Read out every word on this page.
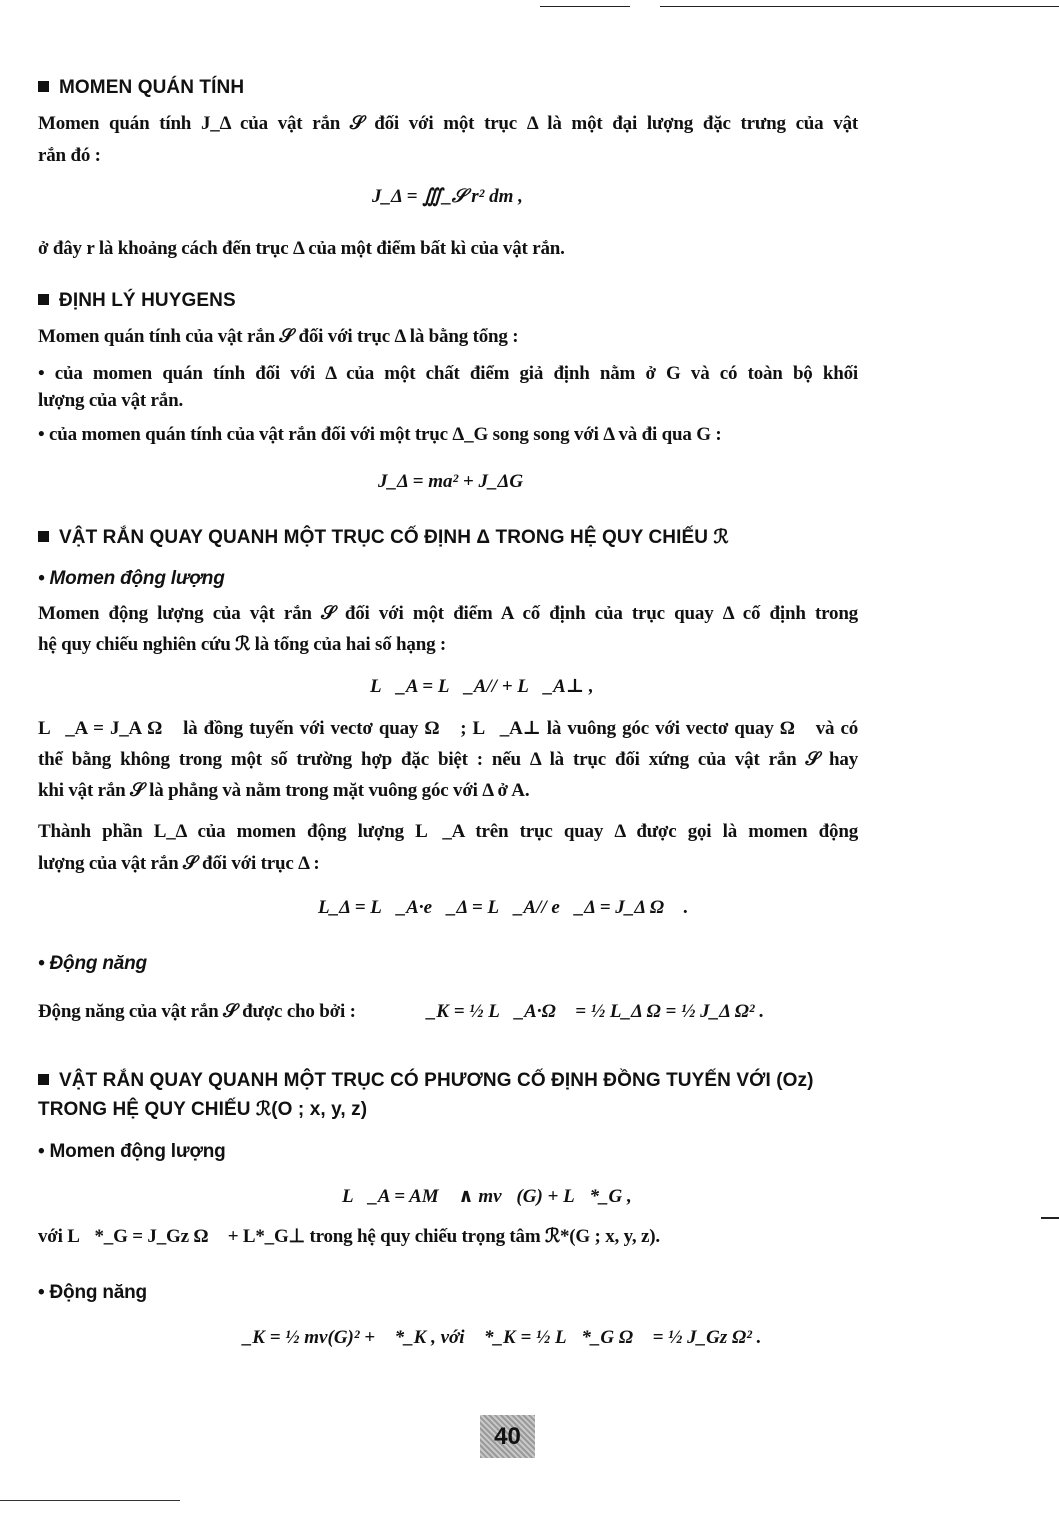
MOMEN QUÁN TÍNH
Momen quán tính J_Δ của vật rắn 𝒮 đối với một trục Δ là một đại lượng đặc trưng của vật
rắn đó :
J_Δ = ∭_𝒮 r² dm ,
ở đây r là khoảng cách đến trục Δ của một điểm bất kì của vật rắn.
ĐỊNH LÝ HUYGENS
Momen quán tính của vật rắn 𝒮 đối với trục Δ là bằng tổng :
• của momen quán tính đối với Δ của một chất điểm giả định nằm ở G và có toàn bộ khối
lượng của vật rắn.
• của momen quán tính của vật rắn đối với một trục Δ_G song song với Δ và đi qua G :
J_Δ = ma² + J_ΔG
VẬT RẮN QUAY QUANH MỘT TRỤC CỐ ĐỊNH Δ TRONG HỆ QUY CHIẾU ℛ
• Momen động lượng
Momen động lượng của vật rắn 𝒮 đối với một điểm A cố định của trục quay Δ cố định trong
hệ quy chiếu nghiên cứu ℛ là tổng của hai số hạng :
L⃗_A = L⃗_A// + L⃗_A⊥ ,
L⃗_A = J_A Ω⃗ là đồng tuyến với vectơ quay Ω⃗ ; L⃗_A⊥ là vuông góc với vectơ quay Ω⃗ và có
thể bằng không trong một số trường hợp đặc biệt : nếu Δ là trục đối xứng của vật rắn 𝒮 hay
khi vật rắn 𝒮 là phẳng và nằm trong mặt vuông góc với Δ ở A.
Thành phần L_Δ của momen động lượng L⃗_A trên trục quay Δ được gọi là momen động
lượng của vật rắn 𝒮 đối với trục Δ :
L_Δ = L⃗_A·e⃗_Δ = L⃗_A// e⃗_Δ = J_Δ Ω⃗ .
• Động năng
Động năng của vật rắn 𝒮 được cho bởi :	ℰ_K = ½ L⃗_A·Ω⃗ = ½ L_Δ Ω = ½ J_Δ Ω² .
VẬT RẮN QUAY QUANH MỘT TRỤC CÓ PHƯƠNG CỐ ĐỊNH ĐỒNG TUYẾN VỚI (Oz)
TRONG HỆ QUY CHIẾU ℛ(O ; x, y, z)
• Momen động lượng
L⃗_A = AM⃗ ∧ mv⃗(G) + L⃗*_G ,
với L⃗*_G = J_Gz Ω⃗ + L*_G⊥ trong hệ quy chiếu trọng tâm ℛ*(G ; x, y, z).
• Động năng
ℰ_K = ½ mv(G)² + ℰ*_K , với ℰ*_K = ½ L⃗*_G Ω⃗ = ½ J_Gz Ω² .
40
